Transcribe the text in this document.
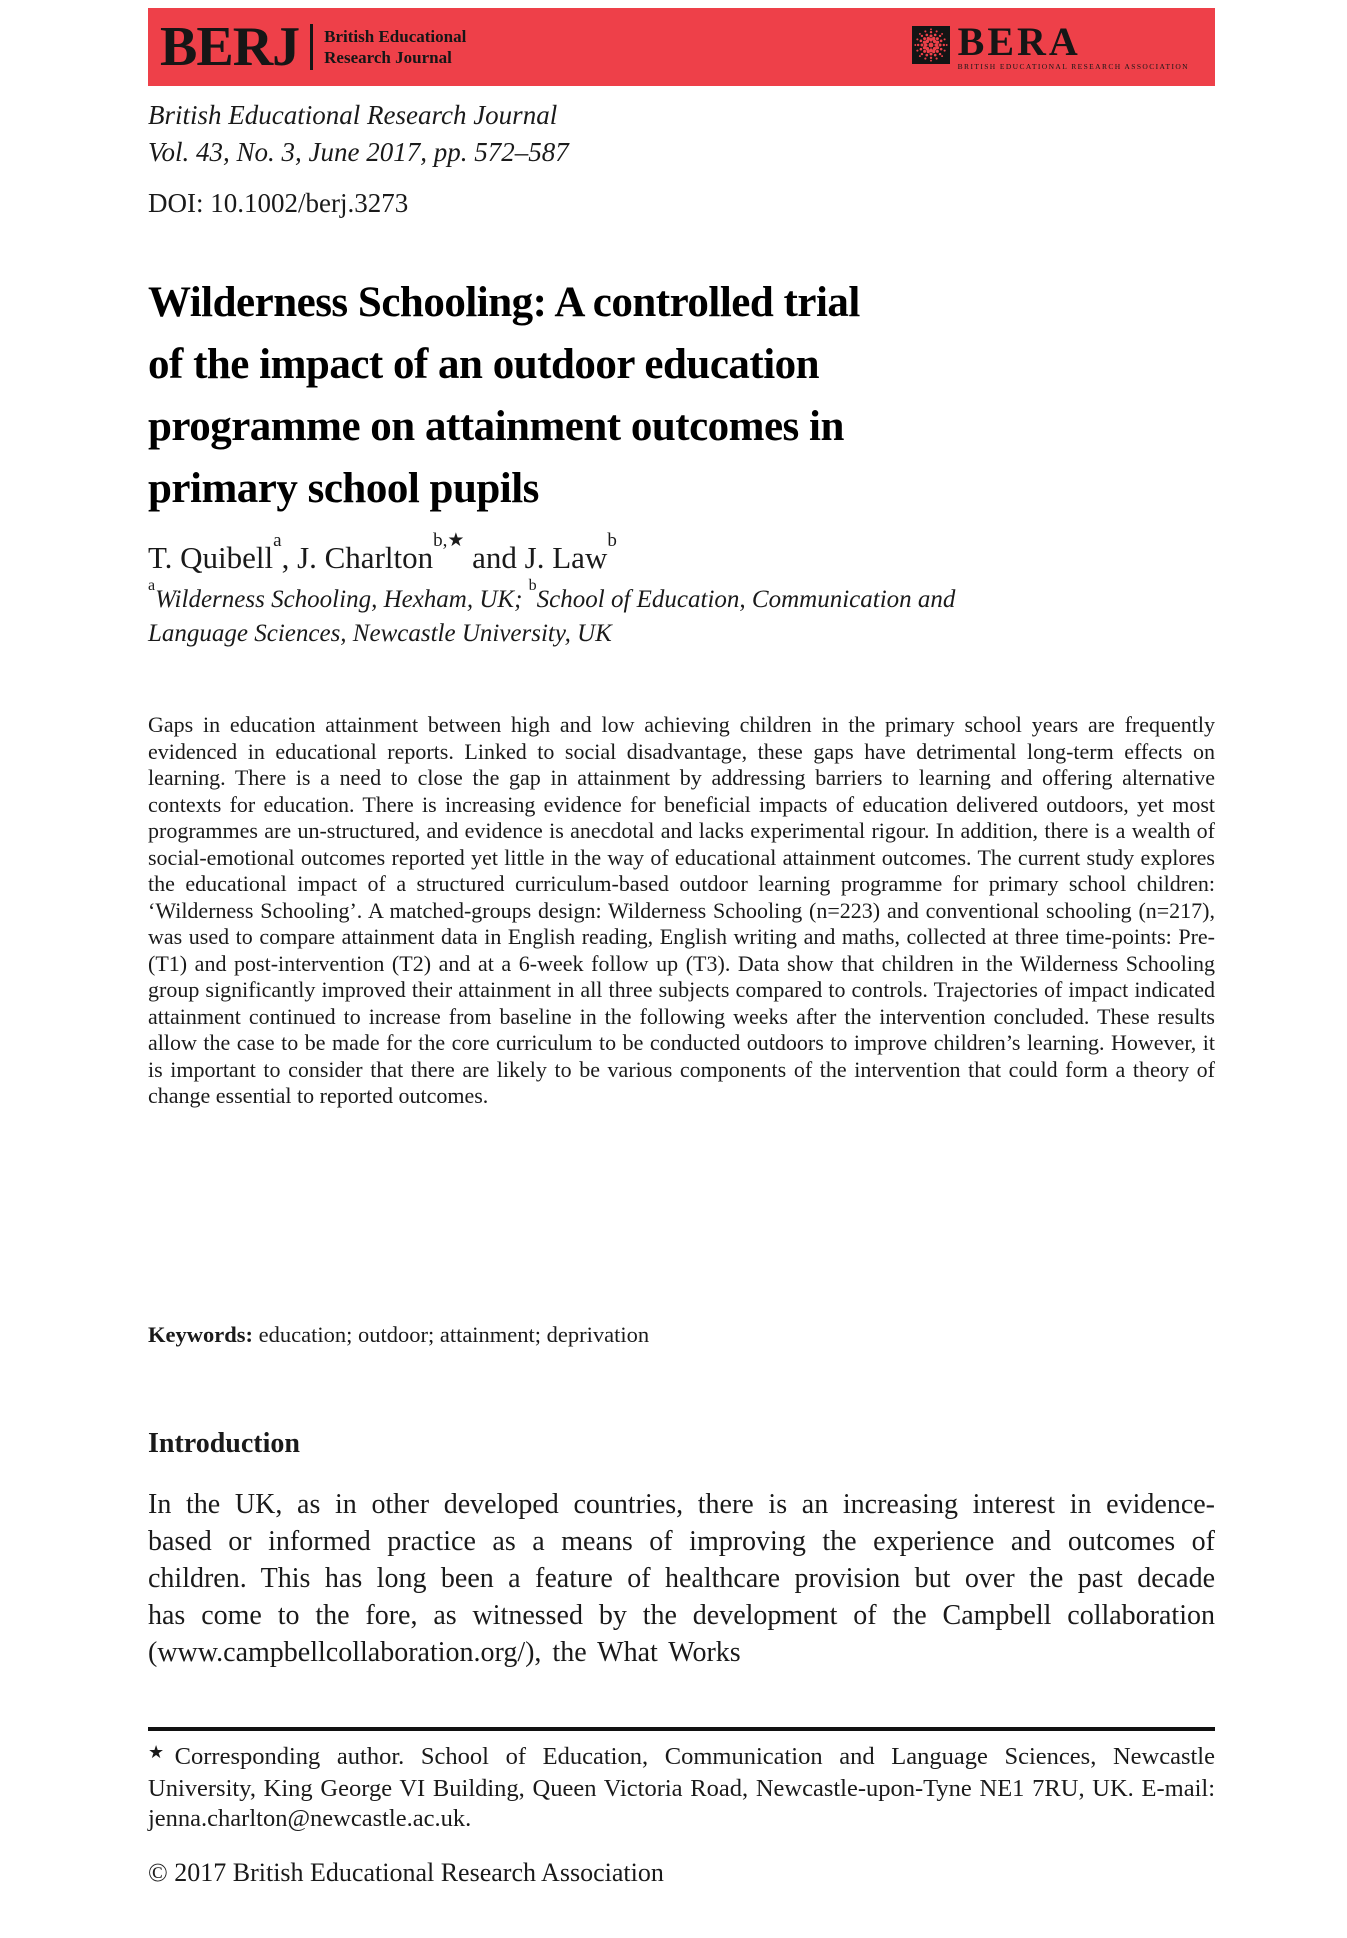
BERJ British Educational
Research Journal	BERA
BRITISH EDUCATIONAL RESEARCH ASSOCIATION
British Educational Research Journal
Vol. 43, No. 3, June 2017, pp. 572–587
DOI: 10.1002/berj.3273
Wilderness Schooling: A controlled trial
of the impact of an outdoor education
programme on attainment outcomes in
primary school pupils
T. Quibell$^a$, J. Charlton$^{b,★}$ and J. Law$^b$

$^a$Wilderness Schooling, Hexham, UK; $^b$School of Education, Communication and Language Sciences, Newcastle University, UK

Gaps in education attainment between high and low achieving children in the primary school years are frequently evidenced in educational reports. Linked to social disadvantage, these gaps have detrimental long-term effects on learning. There is a need to close the gap in attainment by addressing barriers to learning and offering alternative contexts for education. There is increasing evidence for beneficial impacts of education delivered outdoors, yet most programmes are un-structured, and evidence is anecdotal and lacks experimental rigour. In addition, there is a wealth of social-emotional outcomes reported yet little in the way of educational attainment outcomes. The current study explores the educational impact of a structured curriculum-based outdoor learning programme for primary school children: ‘Wilderness Schooling’. A matched-groups design: Wilderness Schooling (n=223) and conventional schooling (n=217), was used to compare attainment data in English reading, English writing and maths, collected at three time-points: Pre- (T1) and post-intervention (T2) and at a 6-week follow up (T3). Data show that children in the Wilderness Schooling group significantly improved their attainment in all three subjects compared to controls. Trajectories of impact indicated attainment continued to increase from baseline in the following weeks after the intervention concluded. These results allow the case to be made for the core curriculum to be conducted outdoors to improve children’s learning. However, it is important to consider that there are likely to be various components of the intervention that could form a theory of change essential to reported outcomes.

Keywords: education; outdoor; attainment; deprivation

Introduction

In the UK, as in other developed countries, there is an increasing interest in evidence-based or informed practice as a means of improving the experience and outcomes of children. This has long been a feature of healthcare provision but over the past decade has come to the fore, as witnessed by the development of the Campbell collaboration (www.campbellcollaboration.org/), the What Works

★Corresponding author. School of Education, Communication and Language Sciences, Newcastle University, King George VI Building, Queen Victoria Road, Newcastle-upon-Tyne NE1 7RU, UK. E-mail: jenna.charlton@newcastle.ac.uk.

© 2017 British Educational Research Association
